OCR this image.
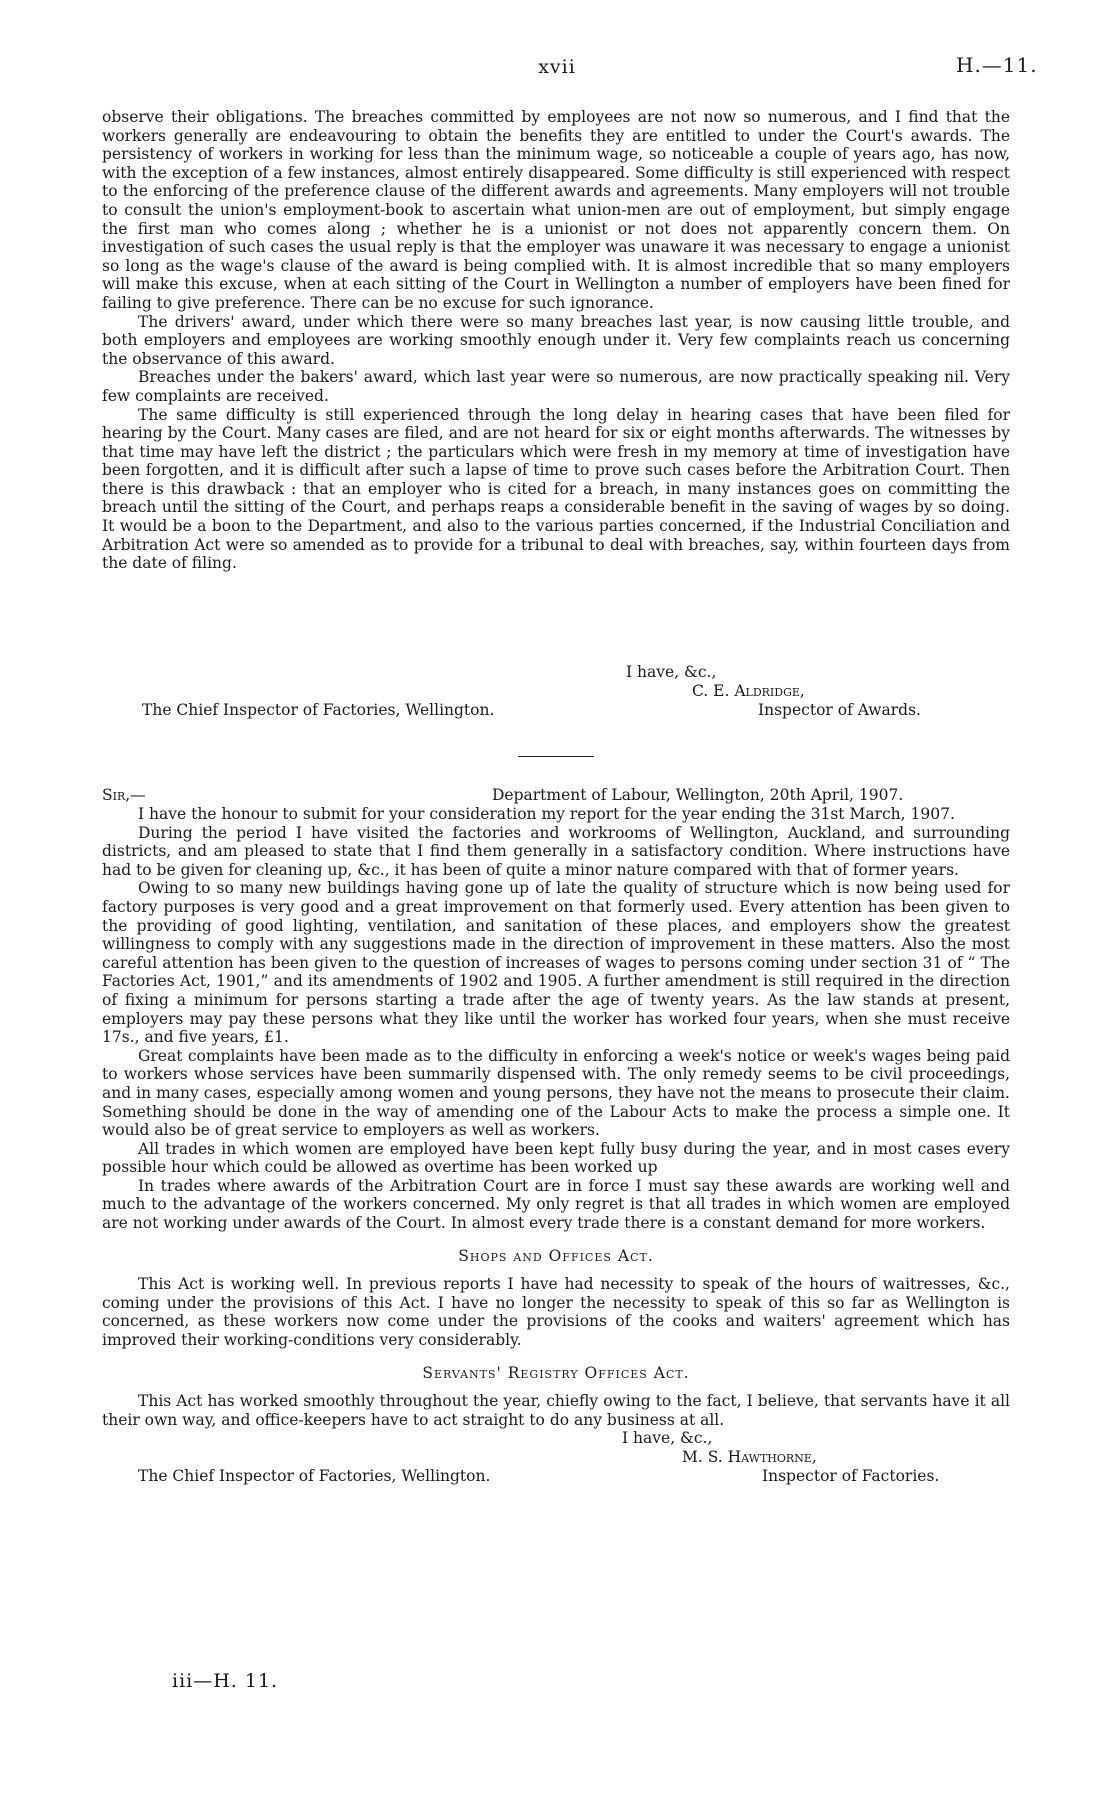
xvii	H.—11.

observe their obligations. The breaches committed by employees are not now so numerous, and I find that the workers generally are endeavouring to obtain the benefits they are entitled to under the Court's awards. The persistency of workers in working for less than the minimum wage, so noticeable a couple of years ago, has now, with the exception of a few instances, almost entirely disappeared. Some difficulty is still experienced with respect to the enforcing of the preference clause of the different awards and agreements. Many employers will not trouble to consult the union's employment-book to ascertain what union-men are out of employment, but simply engage the first man who comes along ; whether he is a unionist or not does not apparently concern them. On investigation of such cases the usual reply is that the employer was unaware it was necessary to engage a unionist so long as the wage's clause of the award is being complied with. It is almost incredible that so many employers will make this excuse, when at each sitting of the Court in Wellington a number of employers have been fined for failing to give preference. There can be no excuse for such ignorance.

The drivers' award, under which there were so many breaches last year, is now causing little trouble, and both employers and employees are working smoothly enough under it. Very few complaints reach us concerning the observance of this award.

Breaches under the bakers' award, which last year were so numerous, are now practically speaking nil. Very few complaints are received.

The same difficulty is still experienced through the long delay in hearing cases that have been filed for hearing by the Court. Many cases are filed, and are not heard for six or eight months afterwards. The witnesses by that time may have left the district ; the particulars which were fresh in my memory at time of investigation have been forgotten, and it is difficult after such a lapse of time to prove such cases before the Arbitration Court. Then there is this drawback : that an employer who is cited for a breach, in many instances goes on committing the breach until the sitting of the Court, and perhaps reaps a considerable benefit in the saving of wages by so doing. It would be a boon to the Department, and also to the various parties concerned, if the Industrial Conciliation and Arbitration Act were so amended as to provide for a tribunal to deal with breaches, say, within fourteen days from the date of filing.

I have, &c.,
C. E. Aldridge,
The Chief Inspector of Factories, Wellington.	Inspector of Awards.
Sir,—	Department of Labour, Wellington, 20th April, 1907.

I have the honour to submit for your consideration my report for the year ending the 31st March, 1907.

During the period I have visited the factories and workrooms of Wellington, Auckland, and surrounding districts, and am pleased to state that I find them generally in a satisfactory condition. Where instructions have had to be given for cleaning up, &c., it has been of quite a minor nature compared with that of former years.

Owing to so many new buildings having gone up of late the quality of structure which is now being used for factory purposes is very good and a great improvement on that formerly used. Every attention has been given to the providing of good lighting, ventilation, and sanitation of these places, and employers show the greatest willingness to comply with any suggestions made in the direction of improvement in these matters. Also the most careful attention has been given to the question of increases of wages to persons coming under section 31 of “ The Factories Act, 1901,” and its amendments of 1902 and 1905. A further amendment is still required in the direction of fixing a minimum for persons starting a trade after the age of twenty years. As the law stands at present, employers may pay these persons what they like until the worker has worked four years, when she must receive 17s., and five years, £1.

Great complaints have been made as to the difficulty in enforcing a week's notice or week's wages being paid to workers whose services have been summarily dispensed with. The only remedy seems to be civil proceedings, and in many cases, especially among women and young persons, they have not the means to prosecute their claim. Something should be done in the way of amending one of the Labour Acts to make the process a simple one. It would also be of great service to employers as well as workers.

All trades in which women are employed have been kept fully busy during the year, and in most cases every possible hour which could be allowed as overtime has been worked up

In trades where awards of the Arbitration Court are in force I must say these awards are working well and much to the advantage of the workers concerned. My only regret is that all trades in which women are employed are not working under awards of the Court. In almost every trade there is a constant demand for more workers.

Shops and Offices Act.

This Act is working well. In previous reports I have had necessity to speak of the hours of waitresses, &c., coming under the provisions of this Act. I have no longer the necessity to speak of this so far as Wellington is concerned, as these workers now come under the provisions of the cooks and waiters' agreement which has improved their working-conditions very considerably.

Servants' Registry Offices Act.

This Act has worked smoothly throughout the year, chiefly owing to the fact, I believe, that servants have it all their own way, and office-keepers have to act straight to do any business at all.

I have, &c.,
M. S. Hawthorne,
The Chief Inspector of Factories, Wellington.	Inspector of Factories.
iii—H. 11.
